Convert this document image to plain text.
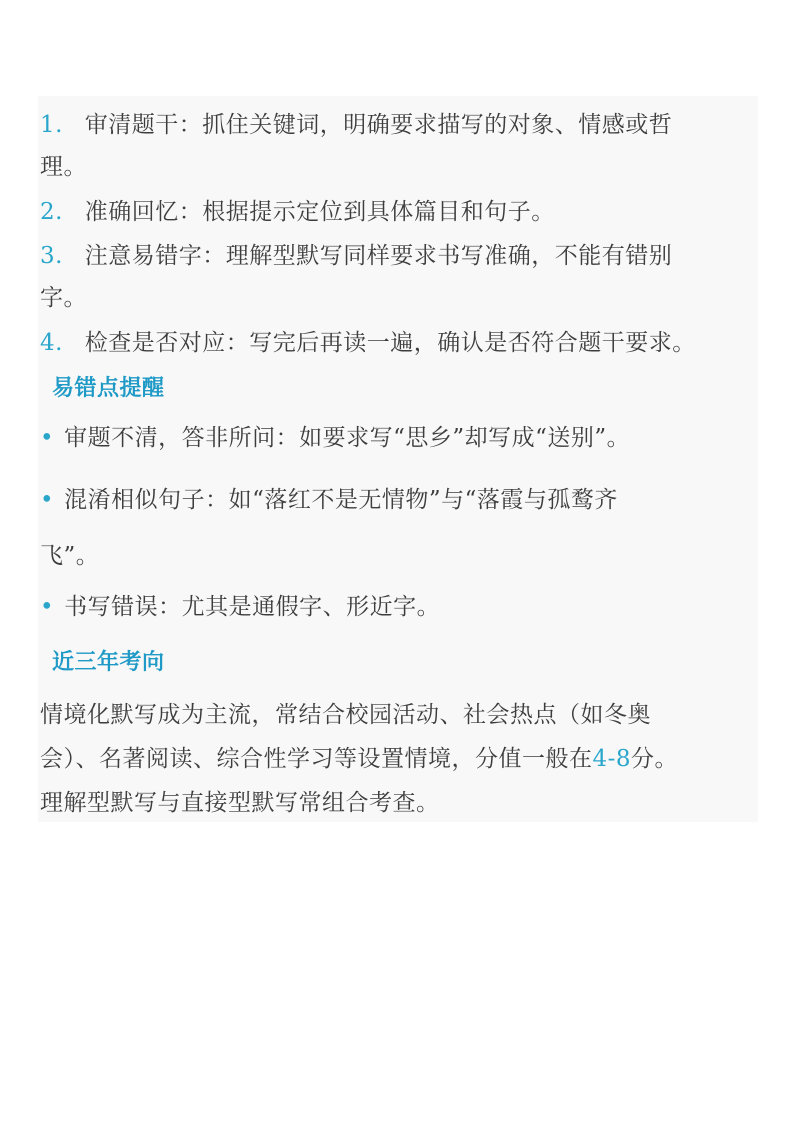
1. 审清题干：抓住关键词，明确要求描写的对象、情感或哲
理。
2. 准确回忆：根据提示定位到具体篇目和句子。
3. 注意易错字：理解型默写同样要求书写准确，不能有错别
字。
4. 检查是否对应：写完后再读一遍，确认是否符合题干要求。
易错点提醒
• 审题不清，答非所问：如要求写“思乡”却写成“送别”。
• 混淆相似句子：如“落红不是无情物”与“落霞与孤鹜齐
飞”。
• 书写错误：尤其是通假字、形近字。
近三年考向
情境化默写成为主流，常结合校园活动、社会热点（如冬奥
会）、名著阅读、综合性学习等设置情境，分值一般在4-8分。
理解型默写与直接型默写常组合考查。
